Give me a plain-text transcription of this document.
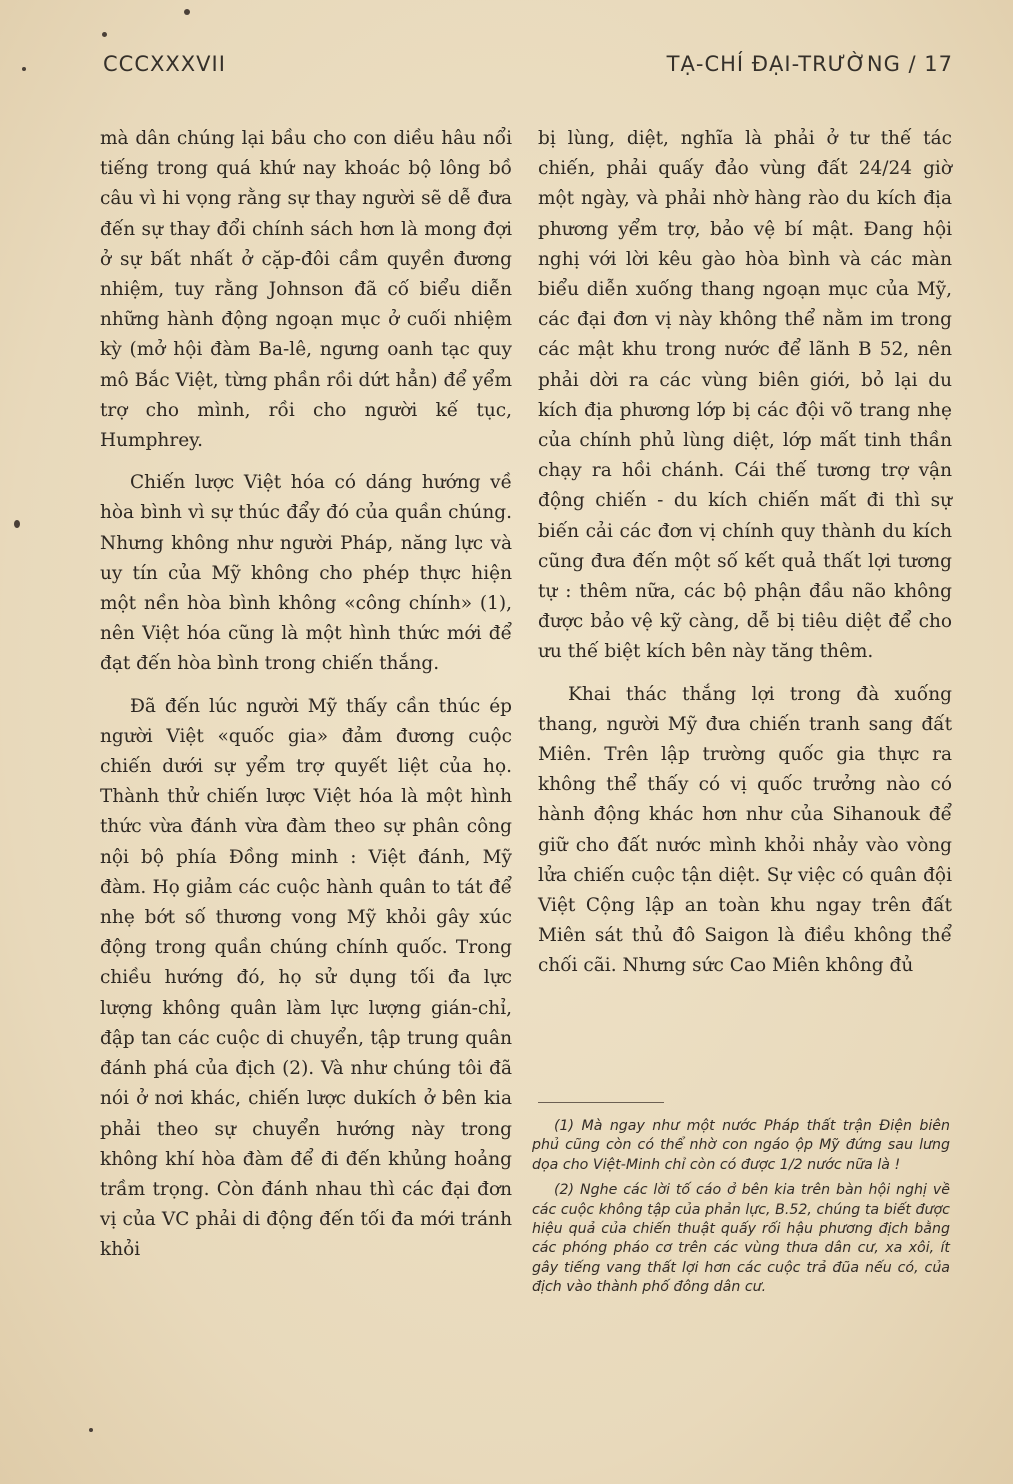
CCCXXXVII	TẠ-CHÍ ĐẠI-TRƯỜNG / 17

mà dân chúng lại bầu cho con diều hâu nổi tiếng trong quá khứ nay khoác bộ lông bồ câu vì hi vọng rằng sự thay người sẽ dễ đưa đến sự thay đổi chính sách hơn là mong đợi ở sự bất nhất ở cặp-đôi cầm quyền đương nhiệm, tuy rằng Johnson đã cố biểu diễn những hành động ngoạn mục ở cuối nhiệm kỳ (mở hội đàm Ba-lê, ngưng oanh tạc quy mô Bắc Việt, từng phần rồi dứt hẳn) để yểm trợ cho mình, rồi cho người kế tục, Humphrey.

Chiến lược Việt hóa có dáng hướng về hòa bình vì sự thúc đẩy đó của quần chúng. Nhưng không như người Pháp, năng lực và uy tín của Mỹ không cho phép thực hiện một nền hòa bình không «công chính» (1), nên Việt hóa cũng là một hình thức mới để đạt đến hòa bình trong chiến thắng.

Đã đến lúc người Mỹ thấy cần thúc ép người Việt «quốc gia» đảm đương cuộc chiến dưới sự yểm trợ quyết liệt của họ. Thành thử chiến lược Việt hóa là một hình thức vừa đánh vừa đàm theo sự phân công nội bộ phía Đồng minh : Việt đánh, Mỹ đàm. Họ giảm các cuộc hành quân to tát để nhẹ bớt số thương vong Mỹ khỏi gây xúc động trong quần chúng chính quốc. Trong chiều hướng đó, họ sử dụng tối đa lực lượng không quân làm lực lượng gián-chỉ, đập tan các cuộc di chuyển, tập trung quân đánh phá của địch (2). Và như chúng tôi đã nói ở nơi khác, chiến lược dukích ở bên kia phải theo sự chuyển hướng này trong không khí hòa đàm để đi đến khủng hoảng trầm trọng. Còn đánh nhau thì các đại đơn vị của VC phải di động đến tối đa mới tránh khỏi

bị lùng, diệt, nghĩa là phải ở tư thế tác chiến, phải quấy đảo vùng đất 24/24 giờ một ngày, và phải nhờ hàng rào du kích địa phương yểm trợ, bảo vệ bí mật. Đang hội nghị với lời kêu gào hòa bình và các màn biểu diễn xuống thang ngoạn mục của Mỹ, các đại đơn vị này không thể nằm im trong các mật khu trong nước để lãnh B 52, nên phải dời ra các vùng biên giới, bỏ lại du kích địa phương lớp bị các đội võ trang nhẹ của chính phủ lùng diệt, lớp mất tinh thần chạy ra hồi chánh. Cái thế tương trợ vận động chiến - du kích chiến mất đi thì sự biến cải các đơn vị chính quy thành du kích cũng đưa đến một số kết quả thất lợi tương tự : thêm nữa, các bộ phận đầu não không được bảo vệ kỹ càng, dễ bị tiêu diệt để cho ưu thế biệt kích bên này tăng thêm.

Khai thác thắng lợi trong đà xuống thang, người Mỹ đưa chiến tranh sang đất Miên. Trên lập trường quốc gia thực ra không thể thấy có vị quốc trưởng nào có hành động khác hơn như của Sihanouk để giữ cho đất nước mình khỏi nhảy vào vòng lửa chiến cuộc tận diệt. Sự việc có quân đội Việt Cộng lập an toàn khu ngay trên đất Miên sát thủ đô Saigon là điều không thể chối cãi. Nhưng sức Cao Miên không đủ

(1) Mà ngay như một nước Pháp thất trận Điện biên phủ cũng còn có thể nhờ con ngáo ộp Mỹ đứng sau lưng dọa cho Việt-Minh chỉ còn có được 1/2 nước nữa là !

(2) Nghe các lời tố cáo ở bên kia trên bàn hội nghị về các cuộc không tập của phản lực, B.52, chúng ta biết được hiệu quả của chiến thuật quấy rối hậu phương địch bằng các phóng pháo cơ trên các vùng thưa dân cư, xa xôi, ít gây tiếng vang thất lợi hơn các cuộc trả đũa nếu có, của địch vào thành phố đông dân cư.
